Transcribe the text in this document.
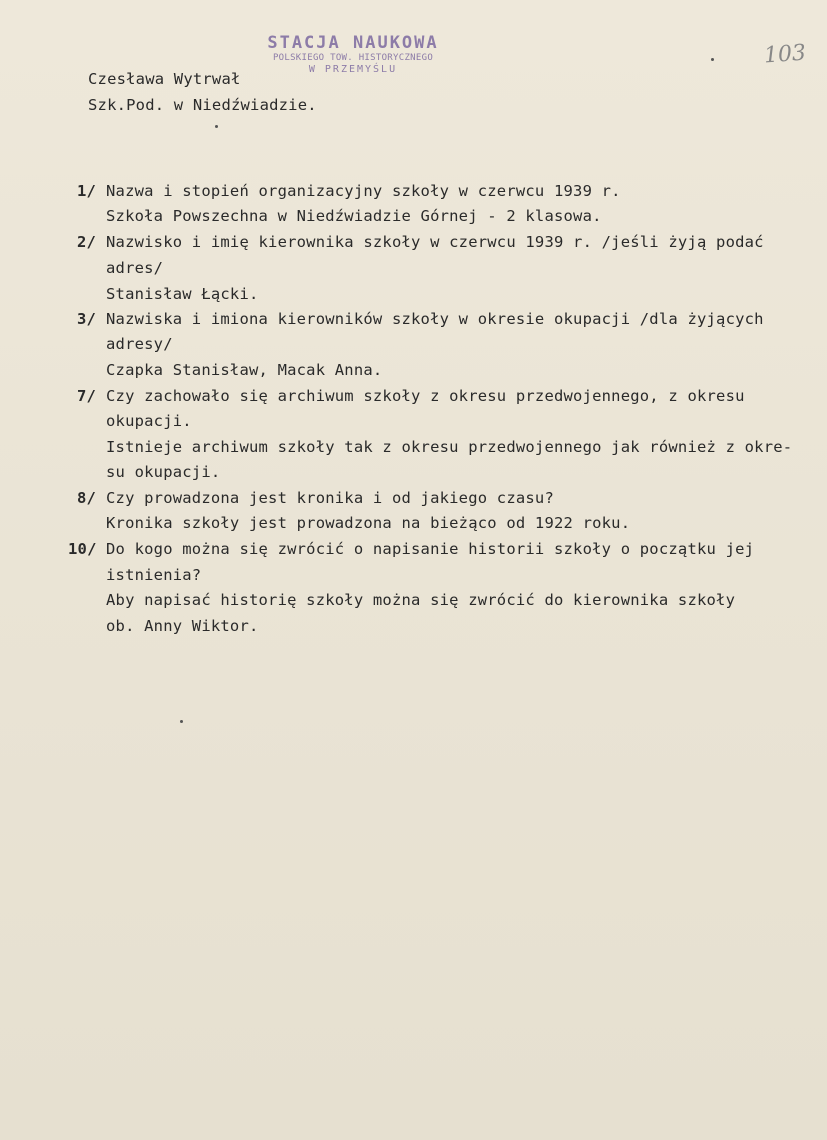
STACJA NAUKOWA
POLSKIEGO TOW. HISTORYCZNEGO
W PRZEMYŚLU
103
Czesława Wytrwał
Szk.Pod. w Niedźwiadzie.
1/ Nazwa i stopień organizacyjny szkoły w czerwcu 1939 r.
Szkoła Powszechna w Niedźwiadzie Górnej - 2 klasowa.
2/ Nazwisko i imię kierownika szkoły w czerwcu 1939 r. /jeśli żyją podać
adres/
Stanisław Łącki.
3/ Nazwiska i imiona kierowników szkoły w okresie okupacji /dla żyjących
adresy/
Czapka Stanisław, Macak Anna.
7/ Czy zachowało się archiwum szkoły z okresu przedwojennego, z okresu
okupacji.
Istnieje archiwum szkoły tak z okresu przedwojennego jak również z okre-
su okupacji.
8/ Czy prowadzona jest kronika i od jakiego czasu?
Kronika szkoły jest prowadzona na bieżąco od 1922 roku.
10/ Do kogo można się zwrócić o napisanie historii szkoły o początku jej
istnienia?
Aby napisać historię szkoły można się zwrócić do kierownika szkoły
ob. Anny Wiktor.
